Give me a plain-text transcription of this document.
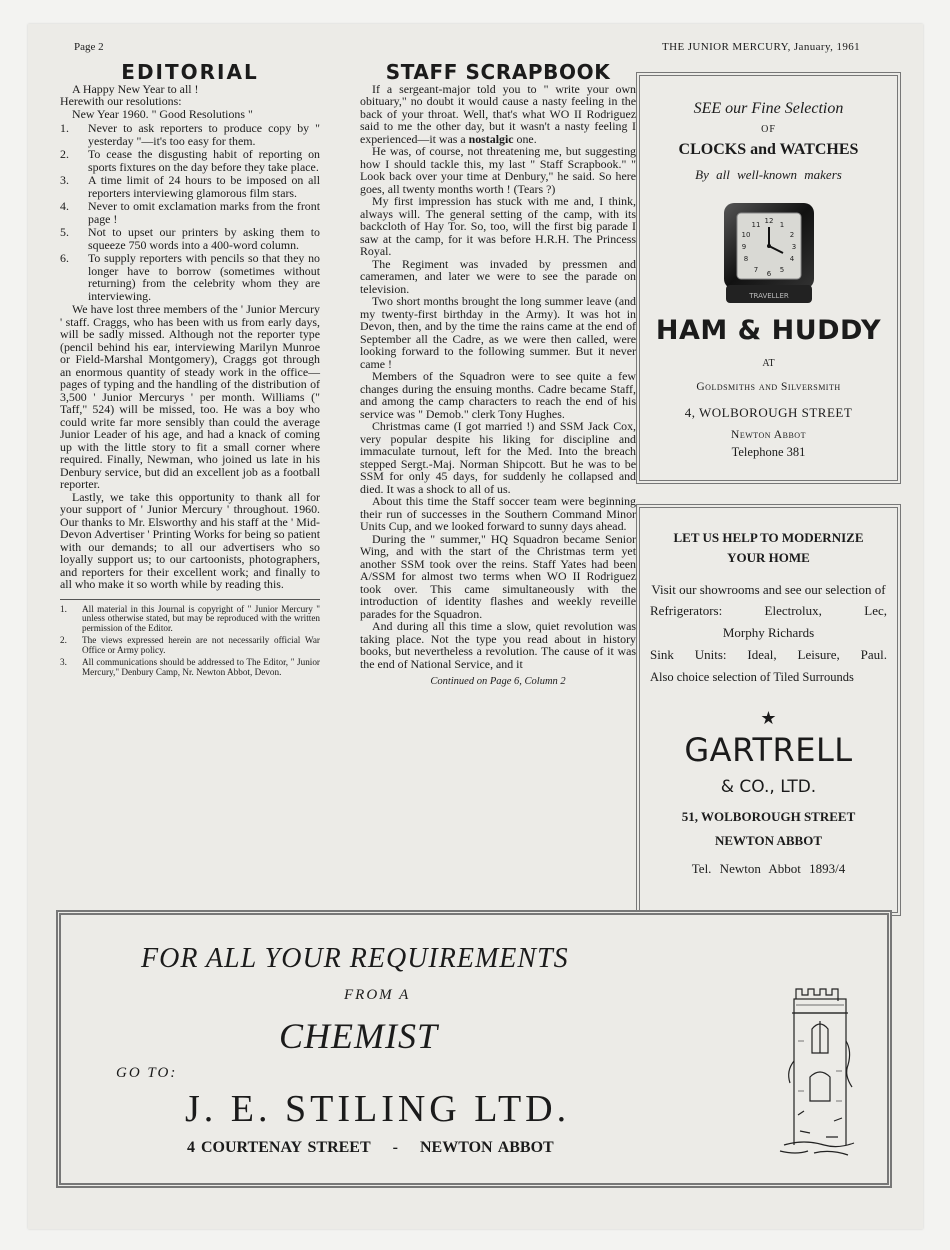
Page 2	THE JUNIOR MERCURY, January, 1961
EDITORIAL

A Happy New Year to all !

Herewith our resolutions:

New Year 1960. " Good Resolutions "

1. Never to ask reporters to produce copy by " yesterday "—it's too easy for them.
2. To cease the disgusting habit of reporting on sports fixtures on the day before they take place.
3. A time limit of 24 hours to be imposed on all reporters interviewing glamorous film stars.
4. Never to omit exclamation marks from the front page !
5. Not to upset our printers by asking them to squeeze 750 words into a 400-word column.
6. To supply reporters with pencils so that they no longer have to borrow (sometimes without returning) from the celebrity whom they are interviewing.

We have lost three members of the ' Junior Mercury ' staff. Craggs, who has been with us from early days, will be sadly missed. Although not the reporter type (pencil behind his ear, interviewing Marilyn Munroe or Field-Marshal Montgomery), Craggs got through an enormous quantity of steady work in the office—pages of typing and the handling of the distribution of 3,500 ' Junior Mercurys ' per month. Williams (" Taff," 524) will be missed, too. He was a boy who could write far more sensibly than could the average Junior Leader of his age, and had a knack of coming up with the little story to fit a small corner where required. Finally, Newman, who joined us late in his Denbury service, but did an excellent job as a football reporter.

Lastly, we take this opportunity to thank all for your support of ' Junior Mercury ' throughout. 1960. Our thanks to Mr. Elsworthy and his staff at the ' Mid-Devon Advertiser ' Printing Works for being so patient with our demands; to all our advertisers who so loyally support us; to our cartoonists, photographers, and reporters for their excellent work; and finally to all who make it so worth while by reading this.

1. All material in this Journal is copyright of " Junior Mercury " unless otherwise stated, but may be reproduced with the written permission of the Editor.
2. The views expressed herein are not necessarily official War Office or Army policy.
3. All communications should be addressed to The Editor, " Junior Mercury," Denbury Camp, Nr. Newton Abbot, Devon.
STAFF SCRAPBOOK

If a sergeant-major told you to " write your own obituary," no doubt it would cause a nasty feeling in the back of your throat. Well, that's what WO II Rodriguez said to me the other day, but it wasn't a nasty feeling I experienced—it was a nostalgic one.

He was, of course, not threatening me, but suggesting how I should tackle this, my last " Staff Scrapbook." " Look back over your time at Denbury," he said. So here goes, all twenty months worth ! (Tears ?)

My first impression has stuck with me and, I think, always will. The general setting of the camp, with its backcloth of Hay Tor. So, too, will the first big parade I saw at the camp, for it was before H.R.H. The Princess Royal.

The Regiment was invaded by pressmen and cameramen, and later we were to see the parade on television.

Two short months brought the long summer leave (and my twenty-first birthday in the Army). It was hot in Devon, then, and by the time the rains came at the end of September all the Cadre, as we were then called, were looking forward to the following summer. But it never came !

Members of the Squadron were to see quite a few changes during the ensuing months. Cadre became Staff, and among the camp characters to reach the end of his service was " Demob." clerk Tony Hughes.

Christmas came (I got married !) and SSM Jack Cox, very popular despite his liking for discipline and immaculate turnout, left for the Med. Into the breach stepped Sergt.-Maj. Norman Shipcott. But he was to be SSM for only 45 days, for suddenly he collapsed and died. It was a shock to all of us.

About this time the Staff soccer team were beginning their run of successes in the Southern Command Minor Units Cup, and we looked forward to sunny days ahead.

During the " summer," HQ Squadron became Senior Wing, and with the start of the Christmas term yet another SSM took over the reins. Staff Yates had been A/SSM for almost two terms when WO II Rodriguez took over. This came simultaneously with the introduction of identity flashes and weekly reveille parades for the Squadron.

And during all this time a slow, quiet revolution was taking place. Not the type you read about in history books, but nevertheless a revolution. The cause of it was the end of National Service, and it

Continued on Page 6, Column 2
SEE our Fine Selection
OF
CLOCKS and WATCHES
By all well-known makers
TRAVELLER
12 1
2
3
4
5
6
7
8
9
10
11
HAM & HUDDY
AT
Goldsmiths and Silversmith
4, WOLBOROUGH STREET
Newton Abbot
Telephone 381
LET US HELP TO MODERNIZE
YOUR HOME
Visit our showrooms and see our selection of
Refrigerators: Electrolux, Lec,
Morphy Richards
Sink Units: Ideal, Leisure, Paul.
Also choice selection of Tiled Surrounds
★
GARTRELL
& CO., LTD.
51, WOLBOROUGH STREET
NEWTON ABBOT
Tel. Newton Abbot 1893/4
FOR ALL YOUR REQUIREMENTS
FROM A
CHEMIST
GO TO:
J. E. STILING LTD.
4 COURTENAY STREET - NEWTON ABBOT
